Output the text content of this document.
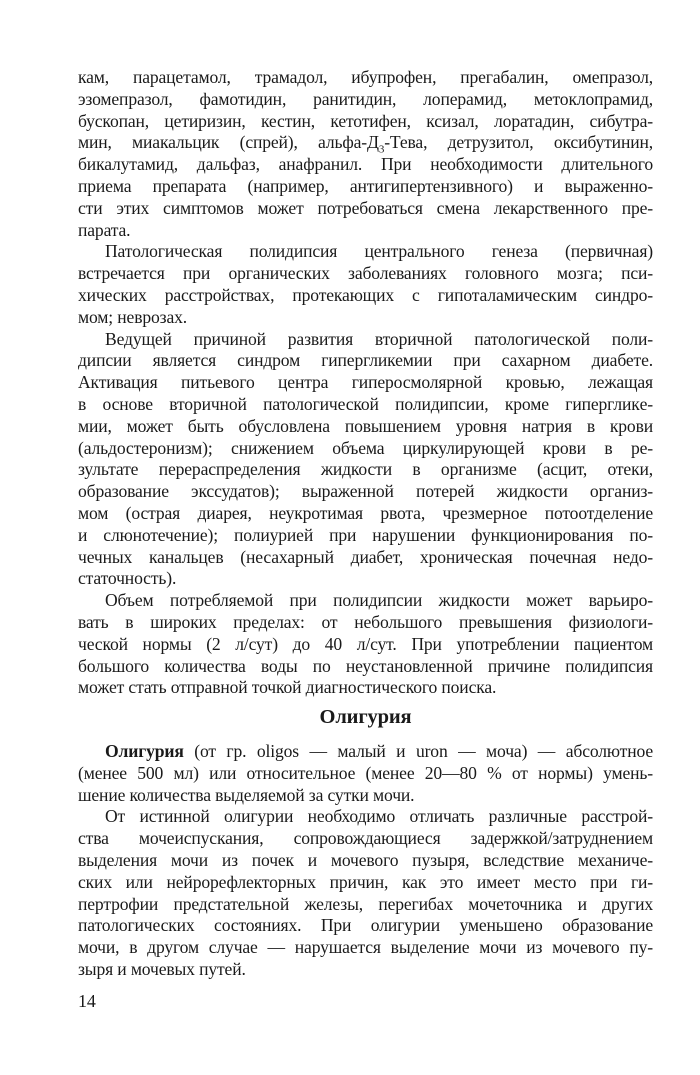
кам, парацетамол, трамадол, ибупрофен, прегабалин, омепразол,
эзомепразол, фамотидин, ранитидин, лоперамид, метоклопрамид,
бускопан, цетиризин, кестин, кетотифен, ксизал, лоратадин, сибутра-
мин, миакальцик (спрей), альфа-$Д_3$-Тева, детрузитол, оксибутинин,
бикалутамид, дальфаз, анафранил. При необходимости длительного
приема препарата (например, антигипертензивного) и выраженно-
сти этих симптомов может потребоваться смена лекарственного пре-
парата.
Патологическая полидипсия центрального генеза (первичная)
встречается при органических заболеваниях головного мозга; пси-
хических расстройствах, протекающих с гипоталамическим синдро-
мом; неврозах.
Ведущей причиной развития вторичной патологической поли-
дипсии является синдром гипергликемии при сахарном диабете.
Активация питьевого центра гиперосмолярной кровью, лежащая
в основе вторичной патологической полидипсии, кроме гипергликe-
мии, может быть обусловлена повышением уровня натрия в крови
(альдостеронизм); снижением объема циркулирующей крови в ре-
зультате перераспределения жидкости в организме (асцит, отеки,
образование экссудатов); выраженной потерей жидкости организ-
мом (острая диарея, неукротимая рвота, чрезмерное потоотделение
и слюнотечение); полиурией при нарушении функционирования по-
чечных канальцев (несахарный диабет, хроническая почечная недо-
статочность).
Объем потребляемой при полидипсии жидкости может варьиро-
вать в широких пределах: от небольшого превышения физиологи-
ческой нормы (2 л/сут) до 40 л/сут. При употреблении пациентом
большого количества воды по неустановленной причине полидипсия
может стать отправной точкой диагностического поиска.
Олигурия
Олигурия (от гр. oligos — малый и uron — моча) — абсолютное
(менее 500 мл) или относительное (менее 20—80 % от нормы) умень-
шение количества выделяемой за сутки мочи.
От истинной олигурии необходимо отличать различные расстрой-
ства мочеиспускания, сопровождающиеся задержкой/затруднением
выделения мочи из почек и мочевого пузыря, вследствие механиче-
ских или нейрорефлекторных причин, как это имеет место при ги-
пертрофии предстательной железы, перегибах мочеточника и других
патологических состояниях. При олигурии уменьшено образование
мочи, в другом случае — нарушается выделение мочи из мочевого пу-
зыря и мочевых путей.
14
